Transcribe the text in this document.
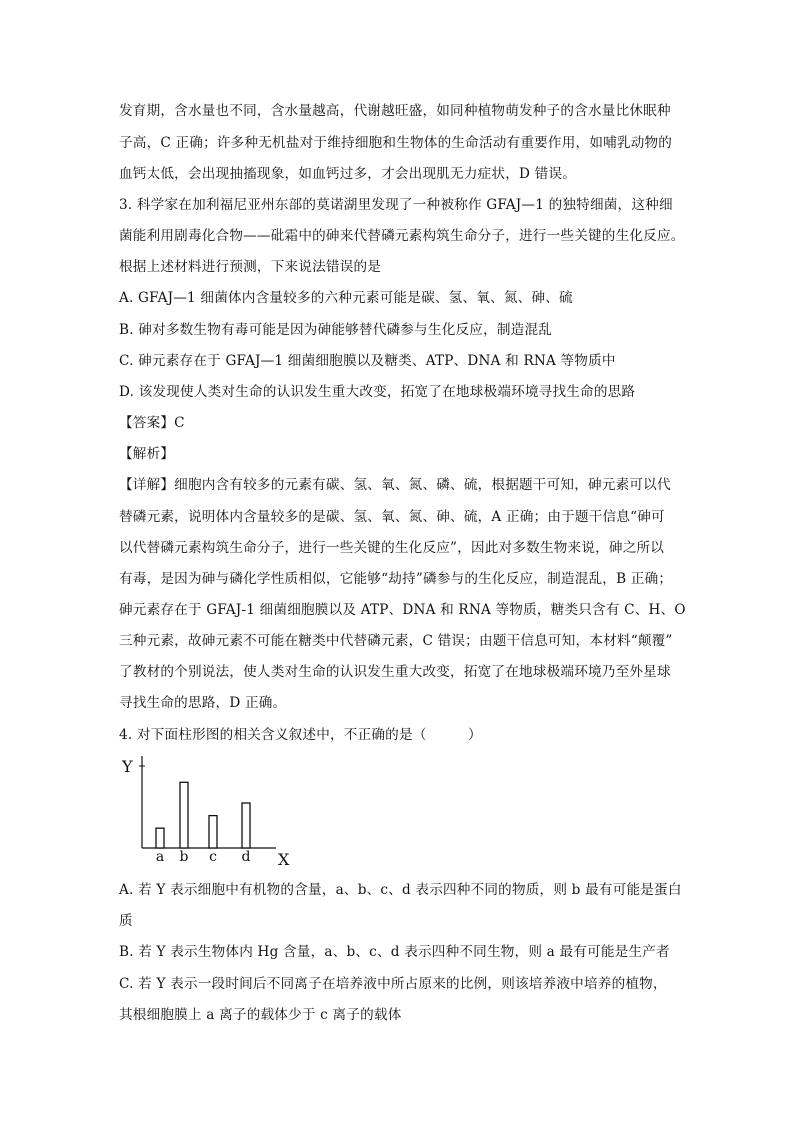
发育期，含水量也不同，含水量越高，代谢越旺盛，如同种植物萌发种子的含水量比休眠种
子高，C 正确；许多种无机盐对于维持细胞和生物体的生命活动有重要作用，如哺乳动物的
血钙太低，会出现抽搐现象，如血钙过多，才会出现肌无力症状，D 错误。
3. 科学家在加利福尼亚州东部的莫诺湖里发现了一种被称作 GFAJ—1 的独特细菌，这种细
菌能利用剧毒化合物——砒霜中的砷来代替磷元素构筑生命分子，进行一些关键的生化反应。
根据上述材料进行预测，下来说法错误的是
A. GFAJ—1 细菌体内含量较多的六种元素可能是碳、氢、氧、氮、砷、硫
B. 砷对多数生物有毒可能是因为砷能够替代磷参与生化反应，制造混乱
C. 砷元素存在于 GFAJ—1 细菌细胞膜以及糖类、ATP、DNA 和 RNA 等物质中
D. 该发现使人类对生命的认识发生重大改变，拓宽了在地球极端环境寻找生命的思路
【答案】C
【解析】
【详解】细胞内含有较多的元素有碳、氢、氧、氮、磷、硫，根据题干可知，砷元素可以代
替磷元素，说明体内含量较多的是碳、氢、氧、氮、砷、硫，A 正确；由于题干信息“砷可
以代替磷元素构筑生命分子，进行一些关键的生化反应”，因此对多数生物来说，砷之所以
有毒，是因为砷与磷化学性质相似，它能够“劫持”磷参与的生化反应，制造混乱，B 正确；
砷元素存在于 GFAJ-1 细菌细胞膜以及 ATP、DNA 和 RNA 等物质，糖类只含有 C、H、O
三种元素，故砷元素不可能在糖类中代替磷元素，C 错误；由题干信息可知，本材料“颠覆”
了教材的个别说法，使人类对生命的认识发生重大改变，拓宽了在地球极端环境乃至外星球
寻找生命的思路，D 正确。
4. 对下面柱形图的相关含义叙述中，不正确的是（　　　）
Y
X
a b c d
A. 若 Y 表示细胞中有机物的含量，a、b、c、d 表示四种不同的物质，则 b 最有可能是蛋白
质
B. 若 Y 表示生物体内 Hg 含量，a、b、c、d 表示四种不同生物，则 a 最有可能是生产者
C. 若 Y 表示一段时间后不同离子在培养液中所占原来的比例，则该培养液中培养的植物，
其根细胞膜上 a 离子的载体少于 c 离子的载体
